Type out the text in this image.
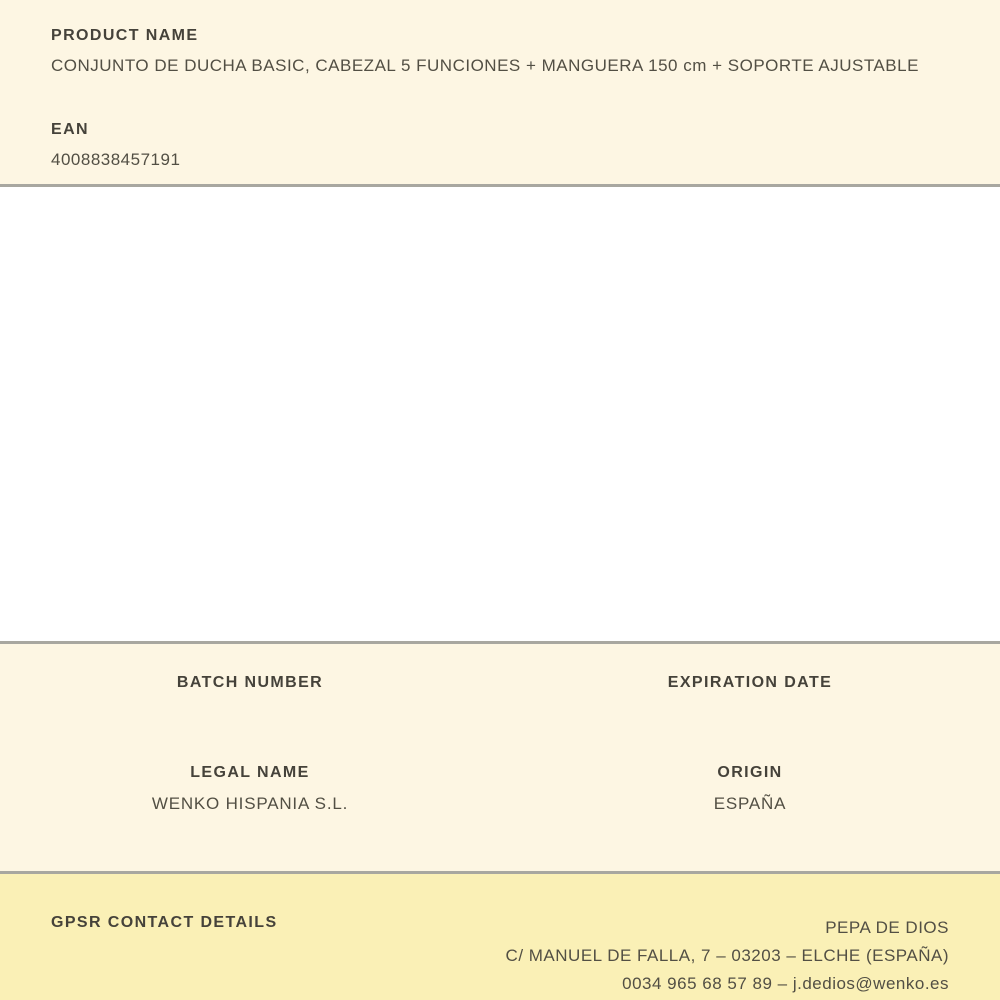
PRODUCT NAME
CONJUNTO DE DUCHA BASIC, CABEZAL 5 FUNCIONES + MANGUERA 150 cm + SOPORTE AJUSTABLE
EAN
4008838457191
BATCH NUMBER	EXPIRATION DATE
LEGAL NAME
WENKO HISPANIA S.L.
ORIGIN
ESPAÑA
GPSR CONTACT DETAILS	PEPA DE DIOS
C/ MANUEL DE FALLA, 7 – 03203 – ELCHE (ESPAÑA)
0034 965 68 57 89 – j.dedios@wenko.es
